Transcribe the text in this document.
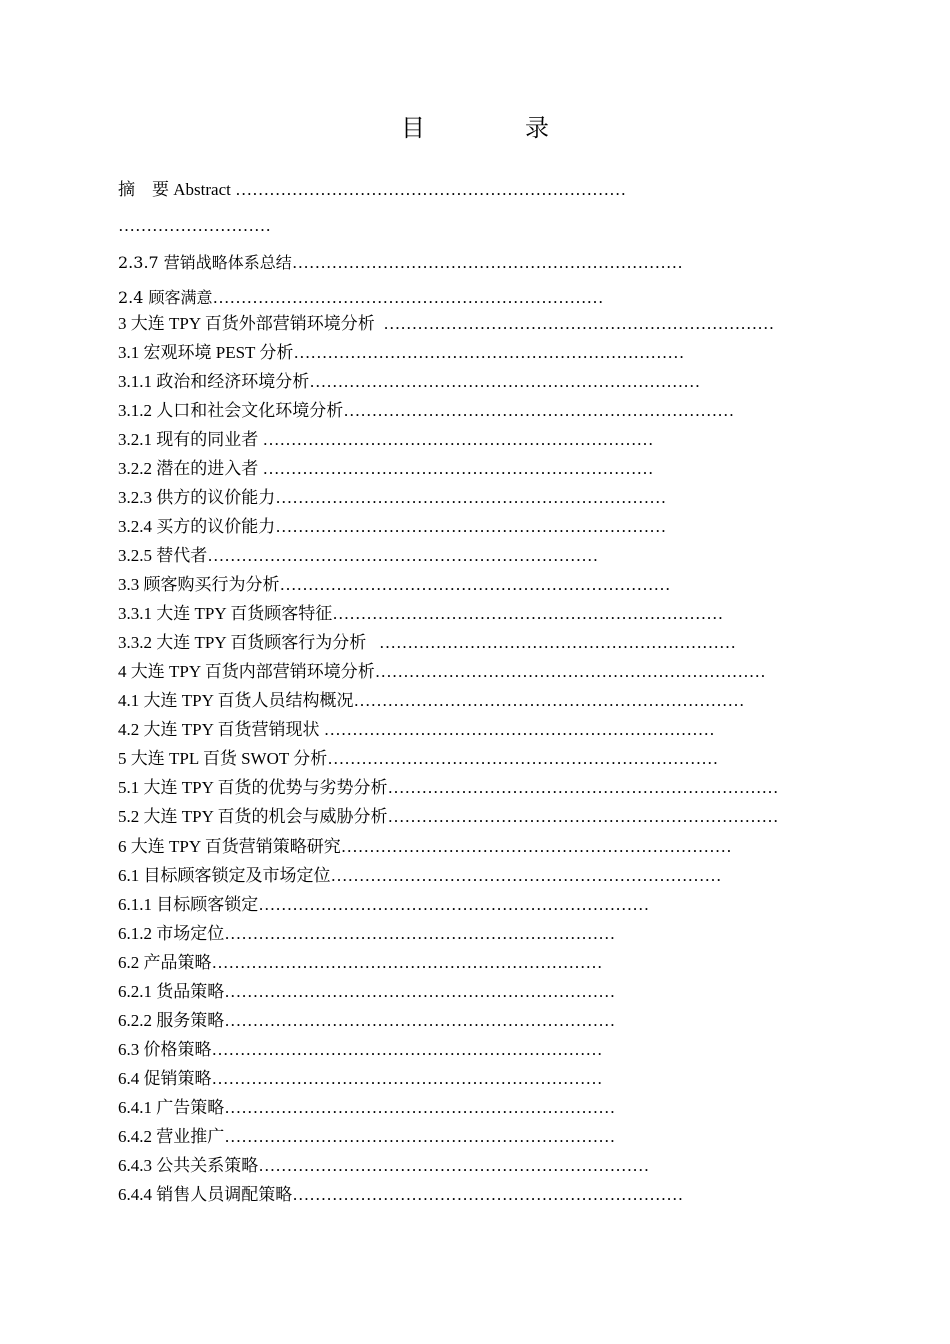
目　录
摘　要 Abstract ……………………………………………………………
………………………
2.3.7 营销战略体系总结……………………………………………………………
2.4 顾客满意……………………………………………………………
3 大连 TPY 百货外部营销环境分析  ……………………………………………………………
3.1 宏观环境 PEST 分析……………………………………………………………
3.1.1 政治和经济环境分析……………………………………………………………
3.1.2 人口和社会文化环境分析……………………………………………………………
3.2.1 现有的同业者 ……………………………………………………………
3.2.2 潜在的进入者 ……………………………………………………………
3.2.3 供方的议价能力……………………………………………………………
3.2.4 买方的议价能力……………………………………………………………
3.2.5 替代者……………………………………………………………
3.3 顾客购买行为分析……………………………………………………………
3.3.1 大连 TPY 百货顾客特征……………………………………………………………
3.3.2 大连 TPY 百货顾客行为分析   ………………………………………………………
4 大连 TPY 百货内部营销环境分析……………………………………………………………
4.1 大连 TPY 百货人员结构概况……………………………………………………………
4.2 大连 TPY 百货营销现状 ……………………………………………………………
5 大连 TPL 百货 SWOT 分析……………………………………………………………
5.1 大连 TPY 百货的优势与劣势分析……………………………………………………………
5.2 大连 TPY 百货的机会与威胁分析……………………………………………………………
6 大连 TPY 百货营销策略研究……………………………………………………………
6.1 目标顾客锁定及市场定位……………………………………………………………
6.1.1 目标顾客锁定……………………………………………………………
6.1.2 市场定位……………………………………………………………
6.2 产品策略……………………………………………………………
6.2.1 货品策略……………………………………………………………
6.2.2 服务策略……………………………………………………………
6.3 价格策略……………………………………………………………
6.4 促销策略……………………………………………………………
6.4.1 广告策略……………………………………………………………
6.4.2 营业推广……………………………………………………………
6.4.3 公共关系策略……………………………………………………………
6.4.4 销售人员调配策略……………………………………………………………
